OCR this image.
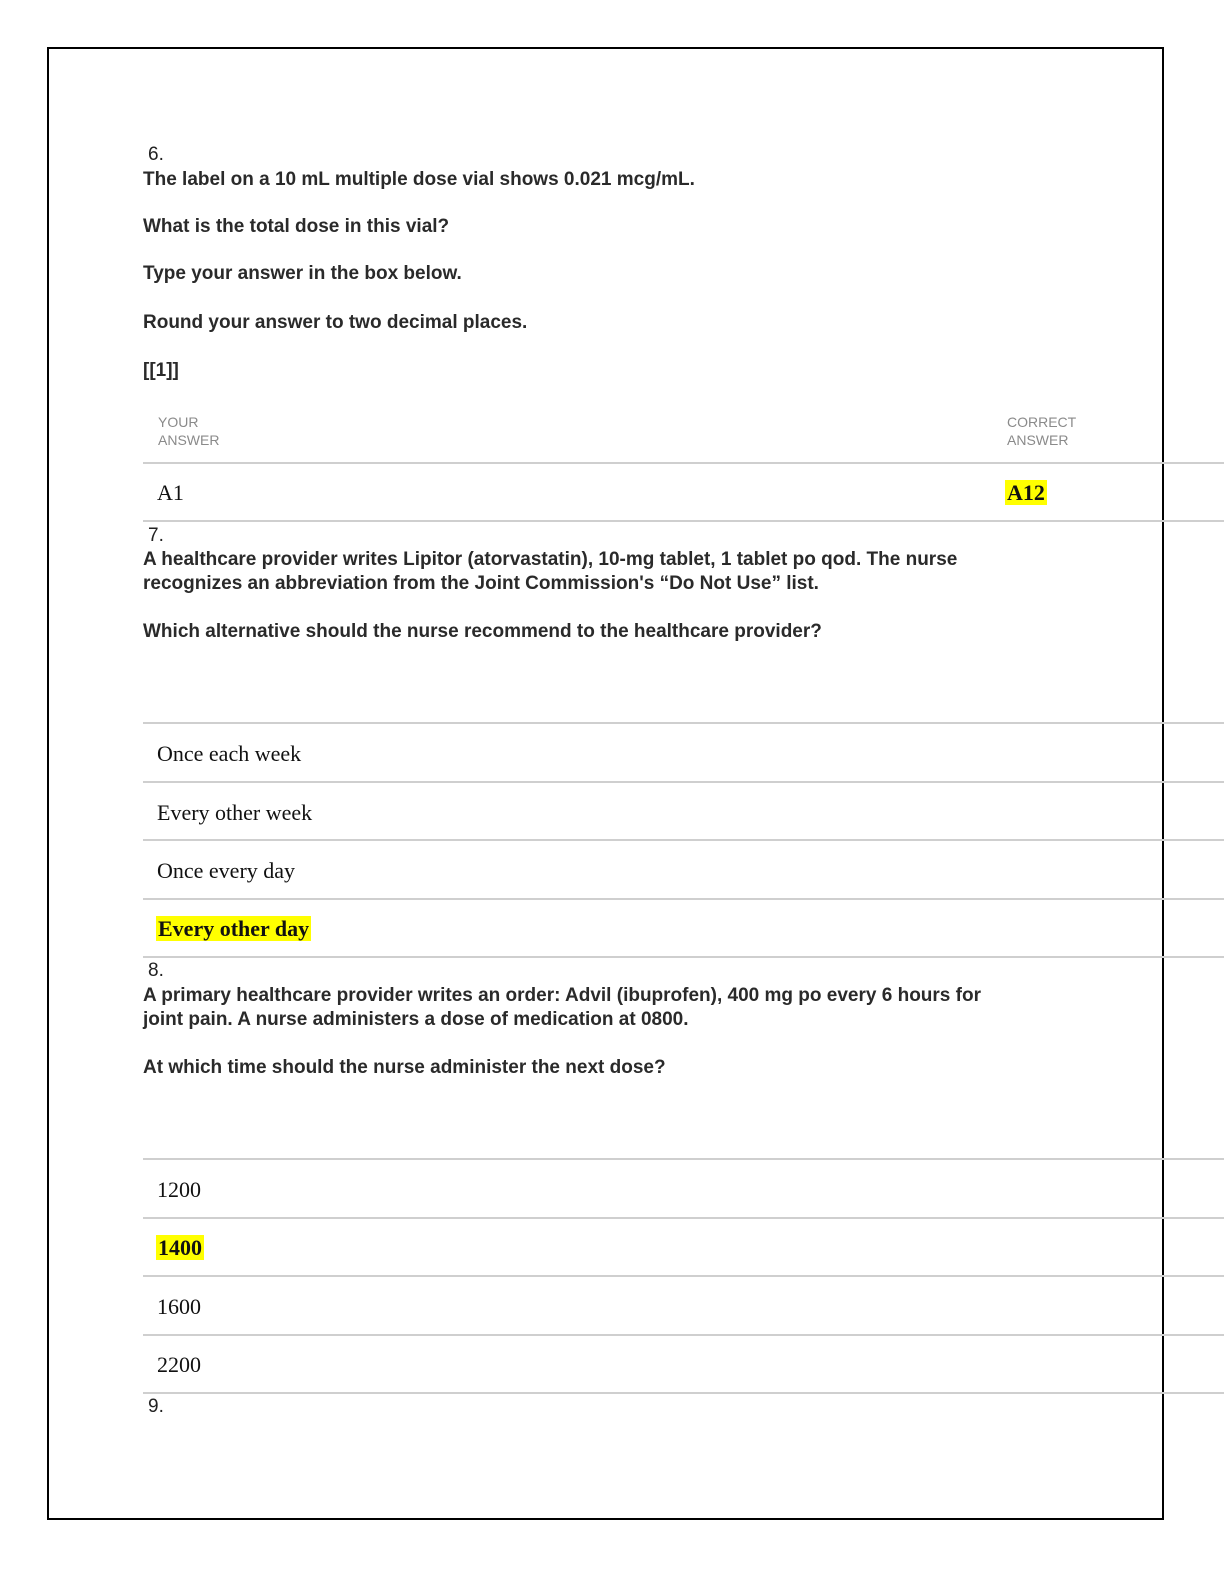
6.
The label on a 10 mL multiple dose vial shows 0.021 mcg/mL.
What is the total dose in this vial?
Type your answer in the box below.
Round your answer to two decimal places.
[[1]]
YOUR
ANSWER
CORRECT
ANSWER
A1	A12
7.
A healthcare provider writes Lipitor (atorvastatin), 10-mg tablet, 1 tablet po qod. The nurse
recognizes an abbreviation from the Joint Commission's “Do Not Use” list.
Which alternative should the nurse recommend to the healthcare provider?
Once each week
Every other week
Once every day
Every other day
8.
A primary healthcare provider writes an order: Advil (ibuprofen), 400 mg po every 6 hours for
joint pain. A nurse administers a dose of medication at 0800.
At which time should the nurse administer the next dose?
1200
1400
1600
2200
9.
